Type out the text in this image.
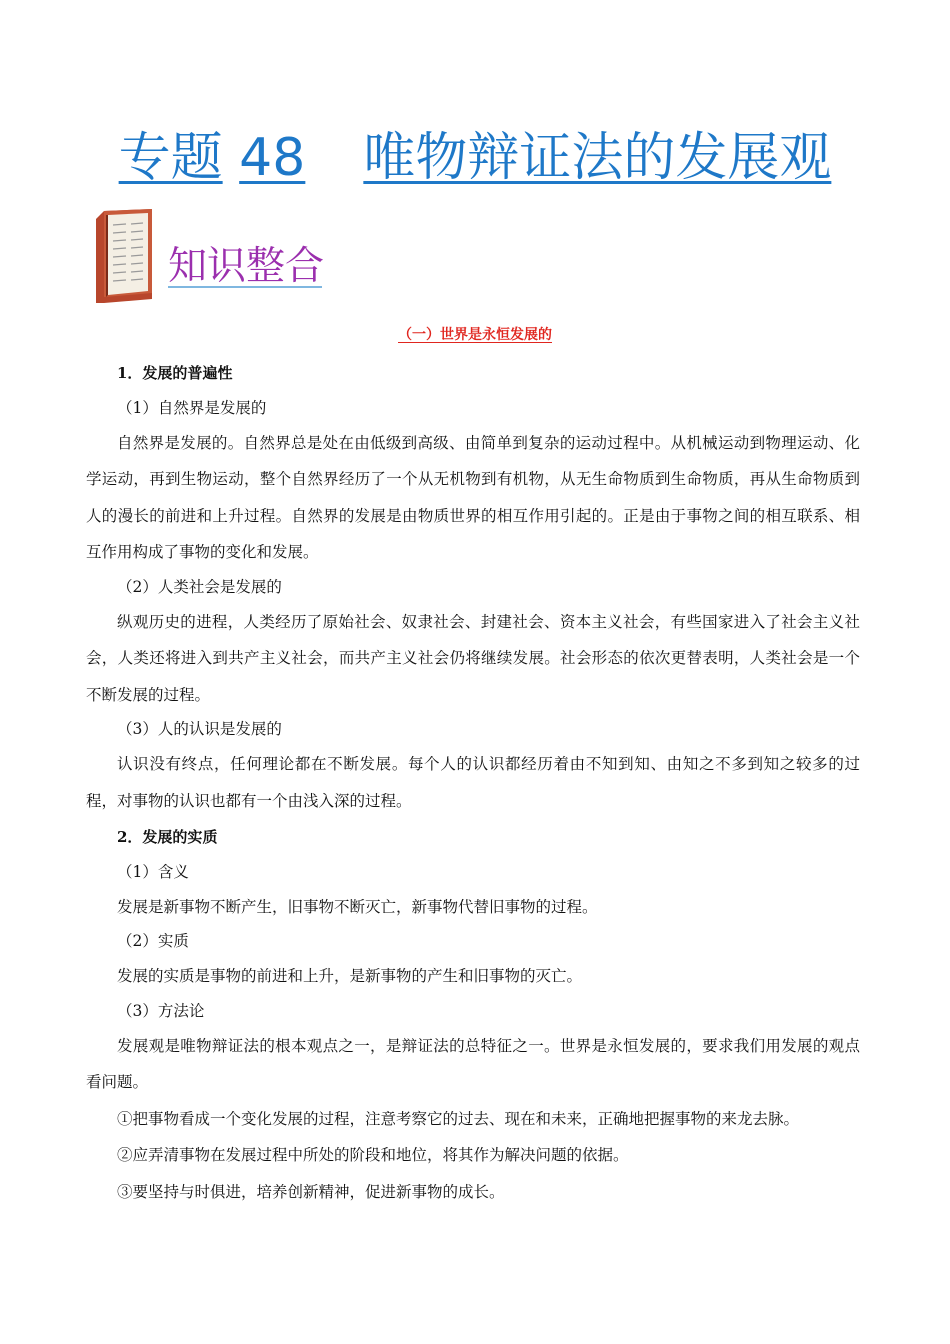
专题 48 唯物辩证法的发展观
知识整合
（一）世界是永恒发展的

1．发展的普遍性

（1）自然界是发展的

自然界是发展的。自然界总是处在由低级到高级、由简单到复杂的运动过程中。从机械运动到物理运动、化学运动，再到生物运动，整个自然界经历了一个从无机物到有机物，从无生命物质到生命物质，再从生命物质到人的漫长的前进和上升过程。自然界的发展是由物质世界的相互作用引起的。正是由于事物之间的相互联系、相互作用构成了事物的变化和发展。

（2）人类社会是发展的

纵观历史的进程，人类经历了原始社会、奴隶社会、封建社会、资本主义社会，有些国家进入了社会主义社会，人类还将进入到共产主义社会，而共产主义社会仍将继续发展。社会形态的依次更替表明，人类社会是一个不断发展的过程。

（3）人的认识是发展的

认识没有终点，任何理论都在不断发展。每个人的认识都经历着由不知到知、由知之不多到知之较多的过程，对事物的认识也都有一个由浅入深的过程。

2．发展的实质

（1）含义

发展是新事物不断产生，旧事物不断灭亡，新事物代替旧事物的过程。

（2）实质

发展的实质是事物的前进和上升，是新事物的产生和旧事物的灭亡。

（3）方法论

发展观是唯物辩证法的根本观点之一，是辩证法的总特征之一。世界是永恒发展的，要求我们用发展的观点看问题。

①把事物看成一个变化发展的过程，注意考察它的过去、现在和未来，正确地把握事物的来龙去脉。

②应弄清事物在发展过程中所处的阶段和地位，将其作为解决问题的依据。

③要坚持与时俱进，培养创新精神，促进新事物的成长。
